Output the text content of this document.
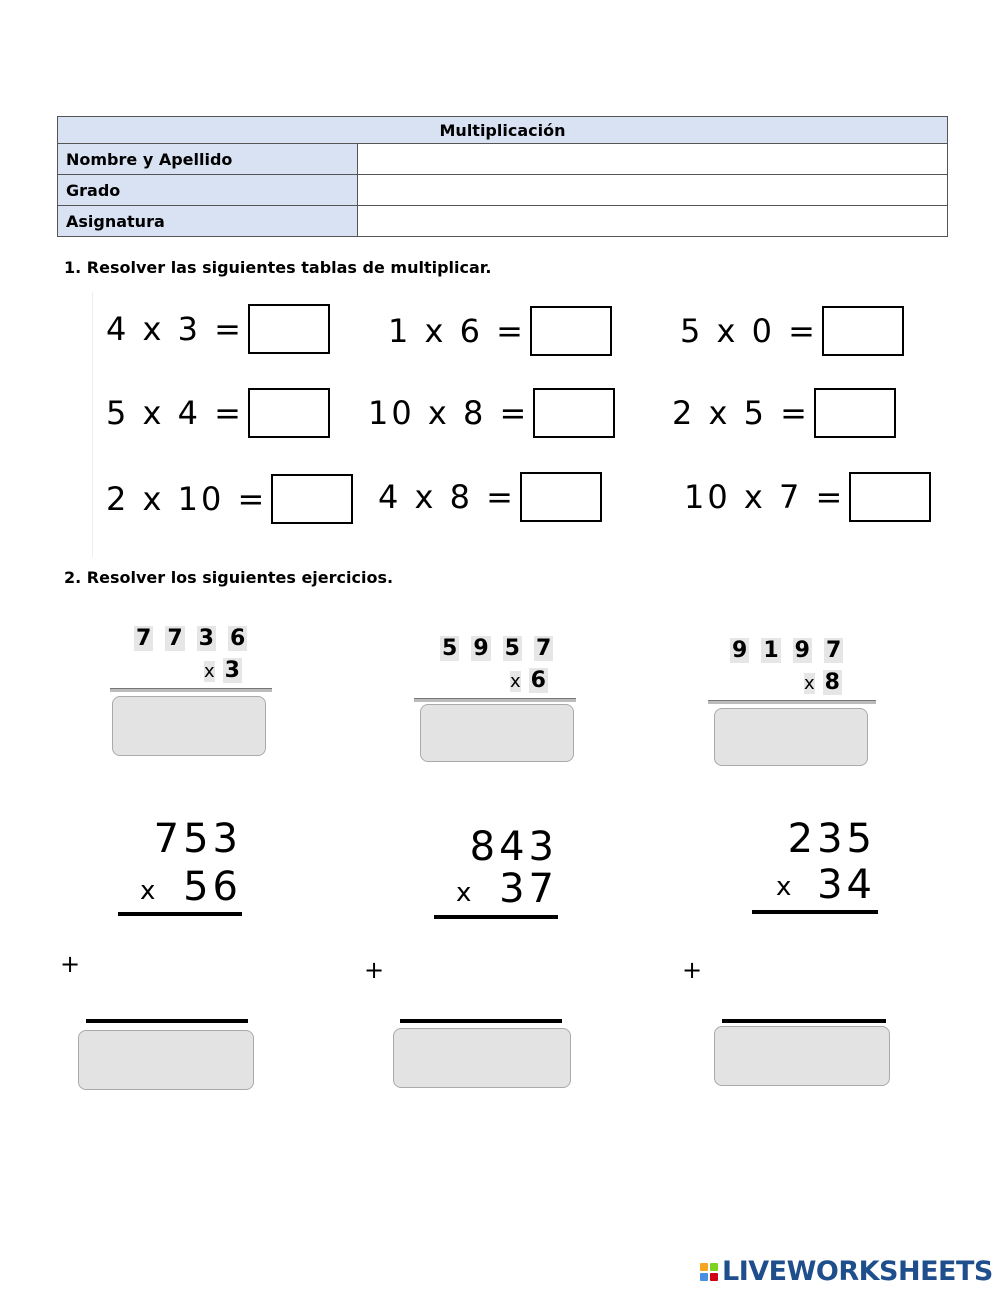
Multiplicación	
Nombre y Apellido	
Grado	
Asignatura	
1. Resolver las siguientes tablas de multiplicar.
4 x 3 =	1 x 6 =	5 x 0 =
5 x 4 =	10 x 8 =	2 x 5 =
2 x 10 =	4 x 8 =	10 x 7 =
2. Resolver los siguientes ejercicios.
7 7 3 6
x 3
5 9 5 7
x 6
9 1 9 7
x 8
753
x 56
+
843
x 37
+
235
x 34
+
LIVEWORKSHEETS
